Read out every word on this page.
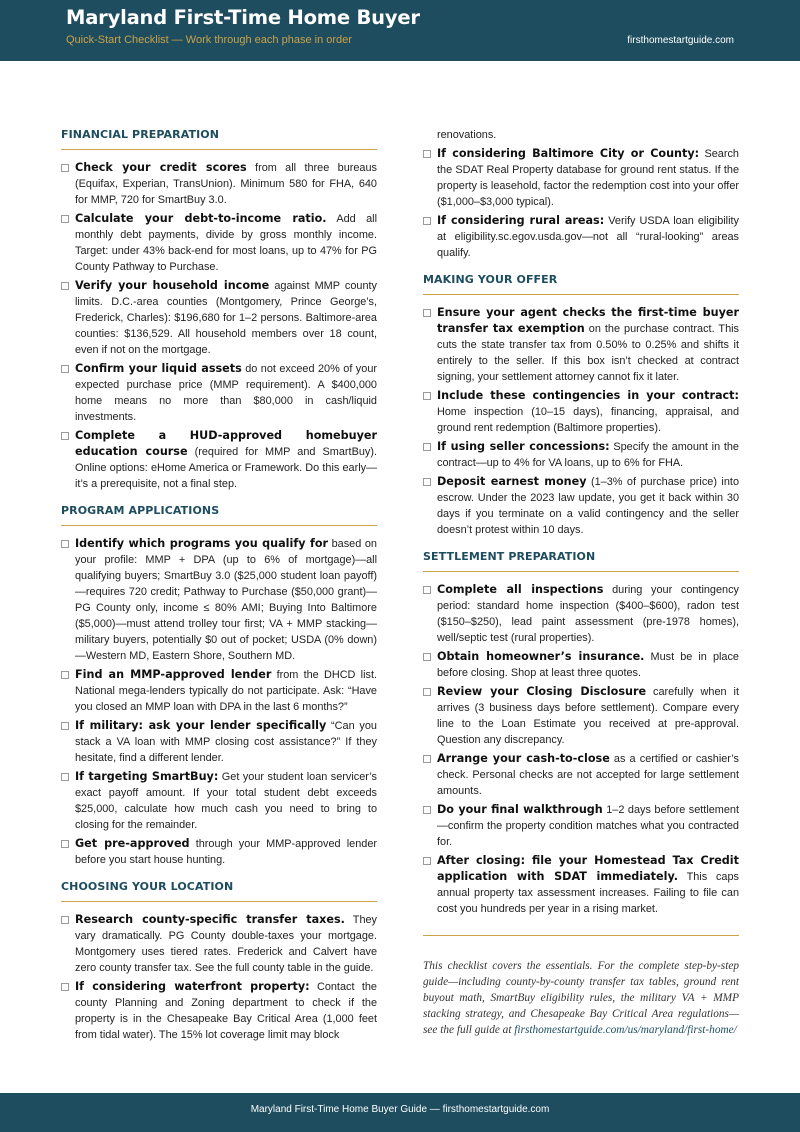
Maryland First-Time Home Buyer
Quick-Start Checklist — Work through each phase in order	firsthomestartguide.com
FINANCIAL PREPARATION
Check your credit scores from all three bureaus (Equifax, Experian, TransUnion). Minimum 580 for FHA, 640 for MMP, 720 for SmartBuy 3.0.
Calculate your debt-to-income ratio. Add all monthly debt payments, divide by gross monthly income. Target: under 43% back-end for most loans, up to 47% for PG County Pathway to Purchase.
Verify your household income against MMP county limits. D.C.-area counties (Montgomery, Prince George’s, Frederick, Charles): $196,680 for 1–2 persons. Baltimore-area counties: $136,529. All household members over 18 count, even if not on the mortgage.
Confirm your liquid assets do not exceed 20% of your expected purchase price (MMP requirement). A $400,000 home means no more than $80,000 in cash/liquid investments.
Complete a HUD-approved homebuyer education course (required for MMP and SmartBuy). Online options: eHome America or Framework. Do this early—it’s a prerequisite, not a final step.
PROGRAM APPLICATIONS
Identify which programs you qualify for based on your profile: MMP + DPA (up to 6% of mortgage)—all qualifying buyers; SmartBuy 3.0 ($25,000 student loan payoff)—requires 720 credit; Pathway to Purchase ($50,000 grant)—PG County only, income ≤ 80% AMI; Buying Into Baltimore ($5,000)—must attend trolley tour first; VA + MMP stacking—military buyers, potentially $0 out of pocket; USDA (0% down)—Western MD, Eastern Shore, Southern MD.
Find an MMP-approved lender from the DHCD list. National mega-lenders typically do not participate. Ask: “Have you closed an MMP loan with DPA in the last 6 months?”
If military: ask your lender specifically “Can you stack a VA loan with MMP closing cost assistance?” If they hesitate, find a different lender.
If targeting SmartBuy: Get your student loan servicer’s exact payoff amount. If your total student debt exceeds $25,000, calculate how much cash you need to bring to closing for the remainder.
Get pre-approved through your MMP-approved lender before you start house hunting.
CHOOSING YOUR LOCATION
Research county-specific transfer taxes. They vary dramatically. PG County double-taxes your mortgage. Montgomery uses tiered rates. Frederick and Calvert have zero county transfer tax. See the full county table in the guide.
If considering waterfront property: Contact the county Planning and Zoning department to check if the property is in the Chesapeake Bay Critical Area (1,000 feet from tidal water). The 15% lot coverage limit may block
renovations.
If considering Baltimore City or County: Search the SDAT Real Property database for ground rent status. If the property is leasehold, factor the redemption cost into your offer ($1,000–$3,000 typical).
If considering rural areas: Verify USDA loan eligibility at eligibility.sc.egov.usda.gov—not all “rural-looking” areas qualify.
MAKING YOUR OFFER
Ensure your agent checks the first-time buyer transfer tax exemption on the purchase contract. This cuts the state transfer tax from 0.50% to 0.25% and shifts it entirely to the seller. If this box isn’t checked at contract signing, your settlement attorney cannot fix it later.
Include these contingencies in your contract: Home inspection (10–15 days), financing, appraisal, and ground rent redemption (Baltimore properties).
If using seller concessions: Specify the amount in the contract—up to 4% for VA loans, up to 6% for FHA.
Deposit earnest money (1–3% of purchase price) into escrow. Under the 2023 law update, you get it back within 30 days if you terminate on a valid contingency and the seller doesn’t protest within 10 days.
SETTLEMENT PREPARATION
Complete all inspections during your contingency period: standard home inspection ($400–$600), radon test ($150–$250), lead paint assessment (pre-1978 homes), well/septic test (rural properties).
Obtain homeowner’s insurance. Must be in place before closing. Shop at least three quotes.
Review your Closing Disclosure carefully when it arrives (3 business days before settlement). Compare every line to the Loan Estimate you received at pre-approval. Question any discrepancy.
Arrange your cash-to-close as a certified or cashier’s check. Personal checks are not accepted for large settlement amounts.
Do your final walkthrough 1–2 days before settlement—confirm the property condition matches what you contracted for.
After closing: file your Homestead Tax Credit application with SDAT immediately. This caps annual property tax assessment increases. Failing to file can cost you hundreds per year in a rising market.
This checklist covers the essentials. For the complete step-by-step guide—including county-by-county transfer tax tables, ground rent buyout math, SmartBuy eligibility rules, the military VA + MMP stacking strategy, and Chesapeake Bay Critical Area regulations—see the full guide at firsthomestartguide.com/us/maryland/first-home/
Maryland First-Time Home Buyer Guide — firsthomestartguide.com
